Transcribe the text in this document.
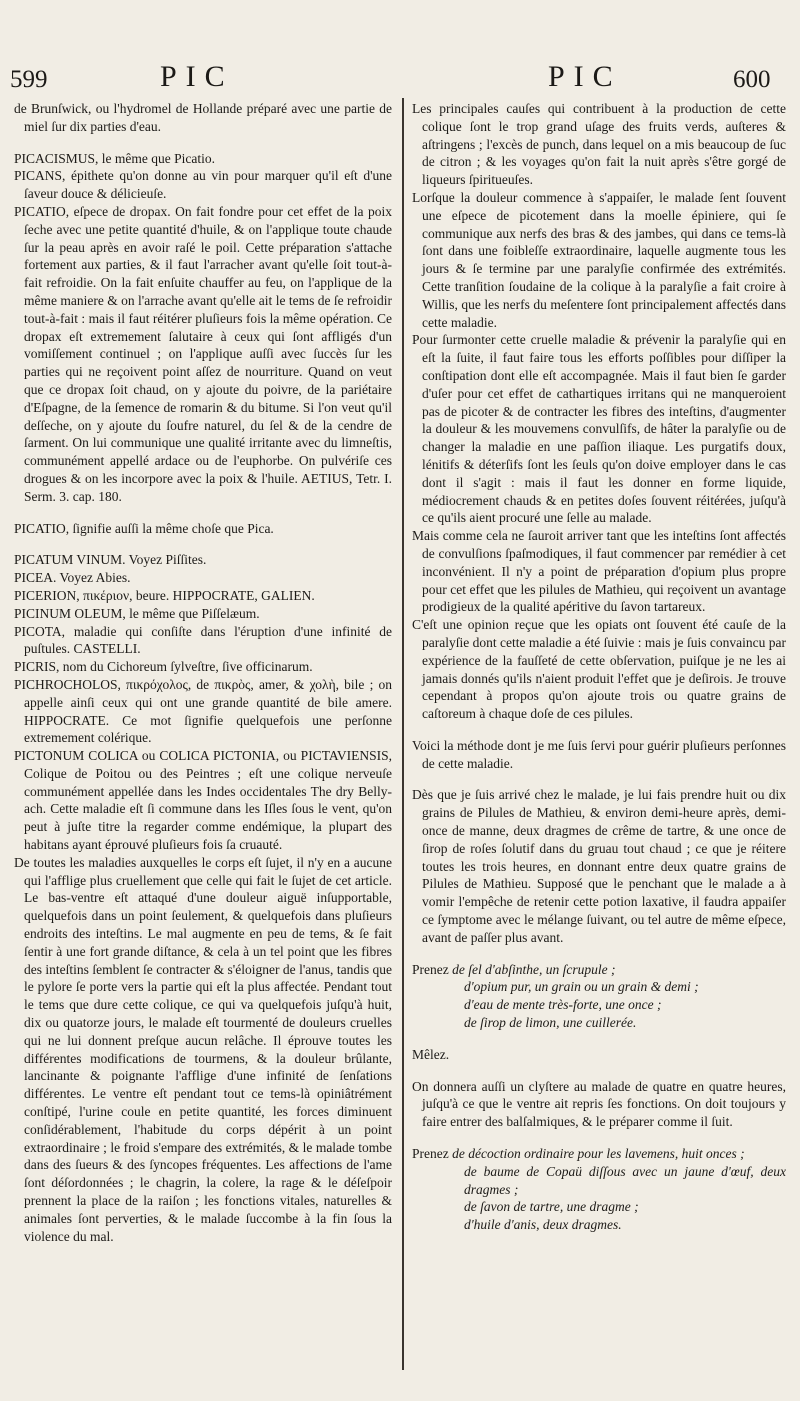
599	PIC	PIC	600

de Brunſwick, ou l'hydromel de Hollande préparé avec une partie de miel ſur dix parties d'eau.

PICACISMUS, le même que Picatio.

PICANS, épithete qu'on donne au vin pour marquer qu'il eſt d'une ſaveur douce & délicieuſe.

PICATIO, eſpece de dropax. On fait fondre pour cet effet de la poix ſeche avec une petite quantité d'huile, & on l'applique toute chaude ſur la peau après en avoir raſé le poil. Cette préparation s'attache fortement aux parties, & il faut l'arracher avant qu'elle ſoit tout-à-fait refroidie. On la fait enſuite chauffer au feu, on l'applique de la même maniere & on l'arrache avant qu'elle ait le tems de ſe refroidir tout-à-fait : mais il faut réitérer pluſieurs fois la même opération. Ce dropax eſt extremement ſalutaire à ceux qui ſont affligés d'un vomiſſement continuel ; on l'applique auſſi avec ſuccès ſur les parties qui ne reçoivent point aſſez de nourriture. Quand on veut que ce dropax ſoit chaud, on y ajoute du poivre, de la pariétaire d'Eſpagne, de la ſemence de romarin & du bitume. Si l'on veut qu'il deſſeche, on y ajoute du ſoufre naturel, du ſel & de la cendre de ſarment. On lui communique une qualité irritante avec du limneſtis, communément appellé ardace ou de l'euphorbe. On pulvériſe ces drogues & on les incorpore avec la poix & l'huile. AETIUS, Tetr. I. Serm. 3. cap. 180.

PICATIO, ſignifie auſſi la même choſe que Pica.

PICATUM VINUM. Voyez Piſſites.

PICEA. Voyez Abies.

PICERION, πικέριον, beure. HIPPOCRATE, GALIEN.

PICINUM OLEUM, le même que Piſſelæum.

PICOTA, maladie qui conſiſte dans l'éruption d'une infinité de puſtules. CASTELLI.

PICRIS, nom du Cichoreum ſylveſtre, ſive officinarum.

PICHROCHOLOS, πικρόχολος, de πικρὸς, amer, & χολὴ, bile ; on appelle ainſi ceux qui ont une grande quantité de bile amere. HIPPOCRATE. Ce mot ſignifie quelquefois une perſonne extremement colérique.

PICTONUM COLICA ou COLICA PICTONIA, ou PICTAVIENSIS, Colique de Poitou ou des Peintres ; eſt une colique nerveuſe communément appellée dans les Indes occidentales The dry Belly-ach. Cette maladie eſt ſi commune dans les Iſles ſous le vent, qu'on peut à juſte titre la regarder comme endémique, la plupart des habitans ayant éprouvé pluſieurs fois ſa cruauté.

De toutes les maladies auxquelles le corps eſt ſujet, il n'y en a aucune qui l'afflige plus cruellement que celle qui fait le ſujet de cet article. Le bas-ventre eſt attaqué d'une douleur aiguë inſupportable, quelquefois dans un point ſeulement, & quelquefois dans pluſieurs endroits des inteſtins. Le mal augmente en peu de tems, & ſe fait ſentir à une fort grande diſtance, & cela à un tel point que les fibres des inteſtins ſemblent ſe contracter & s'éloigner de l'anus, tandis que le pylore ſe porte vers la partie qui eſt la plus affectée. Pendant tout le tems que dure cette colique, ce qui va quelquefois juſqu'à huit, dix ou quatorze jours, le malade eſt tourmenté de douleurs cruelles qui ne lui donnent preſque aucun relâche. Il éprouve toutes les différentes modifications de tourmens, & la douleur brûlante, lancinante & poignante l'afflige d'une infinité de ſenſations différentes. Le ventre eſt pendant tout ce tems-là opiniâtrément conſtipé, l'urine coule en petite quantité, les forces diminuent conſidérablement, l'habitude du corps dépérit à un point extraordinaire ; le froid s'empare des extrémités, & le malade tombe dans des ſueurs & des ſyncopes fréquentes. Les affections de l'ame ſont déſordonnées ; le chagrin, la colere, la rage & le déſeſpoir prennent la place de la raiſon ; les fonctions vitales, naturelles & animales ſont perverties, & le malade ſuccombe à la fin ſous la violence du mal.

Les principales cauſes qui contribuent à la production de cette colique ſont le trop grand uſage des fruits verds, auſteres & aſtringens ; l'excès de punch, dans lequel on a mis beaucoup de ſuc de citron ; & les voyages qu'on fait la nuit après s'être gorgé de liqueurs ſpiritueuſes.

Lorſque la douleur commence à s'appaiſer, le malade ſent ſouvent une eſpece de picotement dans la moelle épiniere, qui ſe communique aux nerfs des bras & des jambes, qui dans ce tems-là ſont dans une foibleſſe extraordinaire, laquelle augmente tous les jours & ſe termine par une paralyſie confirmée des extrémités. Cette tranſition ſoudaine de la colique à la paralyſie a fait croire à Willis, que les nerfs du meſentere ſont principalement affectés dans cette maladie.

Pour ſurmonter cette cruelle maladie & prévenir la paralyſie qui en eſt la ſuite, il faut faire tous les efforts poſſibles pour diſſiper la conſtipation dont elle eſt accompagnée. Mais il faut bien ſe garder d'uſer pour cet effet de cathartiques irritans qui ne manqueroient pas de picoter & de contracter les fibres des inteſtins, d'augmenter la douleur & les mouvemens convulſifs, de hâter la paralyſie ou de changer la maladie en une paſſion iliaque. Les purgatifs doux, lénitifs & déterſifs ſont les ſeuls qu'on doive employer dans le cas dont il s'agit : mais il faut les donner en forme liquide, médiocrement chauds & en petites doſes ſouvent réitérées, juſqu'à ce qu'ils aient procuré une ſelle au malade.

Mais comme cela ne ſauroit arriver tant que les inteſtins ſont affectés de convulſions ſpaſmodiques, il faut commencer par remédier à cet inconvénient. Il n'y a point de préparation d'opium plus propre pour cet effet que les pilules de Mathieu, qui reçoivent un avantage prodigieux de la qualité apéritive du ſavon tartareux.

C'eſt une opinion reçue que les opiats ont ſouvent été cauſe de la paralyſie dont cette maladie a été ſuivie : mais je ſuis convaincu par expérience de la fauſſeté de cette obſervation, puiſque je ne les ai jamais donnés qu'ils n'aient produit l'effet que je deſirois. Je trouve cependant à propos qu'on ajoute trois ou quatre grains de caſtoreum à chaque doſe de ces pilules.

Voici la méthode dont je me ſuis ſervi pour guérir pluſieurs perſonnes de cette maladie.

Dès que je ſuis arrivé chez le malade, je lui fais prendre huit ou dix grains de Pilules de Mathieu, & environ demi-heure après, demi-once de manne, deux dragmes de crême de tartre, & une once de ſirop de roſes ſolutif dans du gruau tout chaud ; ce que je réitere toutes les trois heures, en donnant entre deux quatre grains de Pilules de Mathieu. Supposé que le penchant que le malade a à vomir l'empêche de retenir cette potion laxative, il faudra appaiſer ce ſymptome avec le mélange ſuivant, ou tel autre de même eſpece, avant de paſſer plus avant.

Prenez de ſel d'abſinthe, un ſcrupule ;
d'opium pur, un grain ou un grain & demi ;
d'eau de mente très-forte, une once ;
de ſirop de limon, une cuillerée.

Mêlez.

On donnera auſſi un clyſtere au malade de quatre en quatre heures, juſqu'à ce que le ventre ait repris ſes fonctions. On doit toujours y faire entrer des balſalmiques, & le préparer comme il ſuit.

Prenez de décoction ordinaire pour les lavemens, huit onces ;
de baume de Copaü diſſous avec un jaune d'œuf, deux dragmes ;
de ſavon de tartre, une dragme ;
d'huile d'anis, deux dragmes.
